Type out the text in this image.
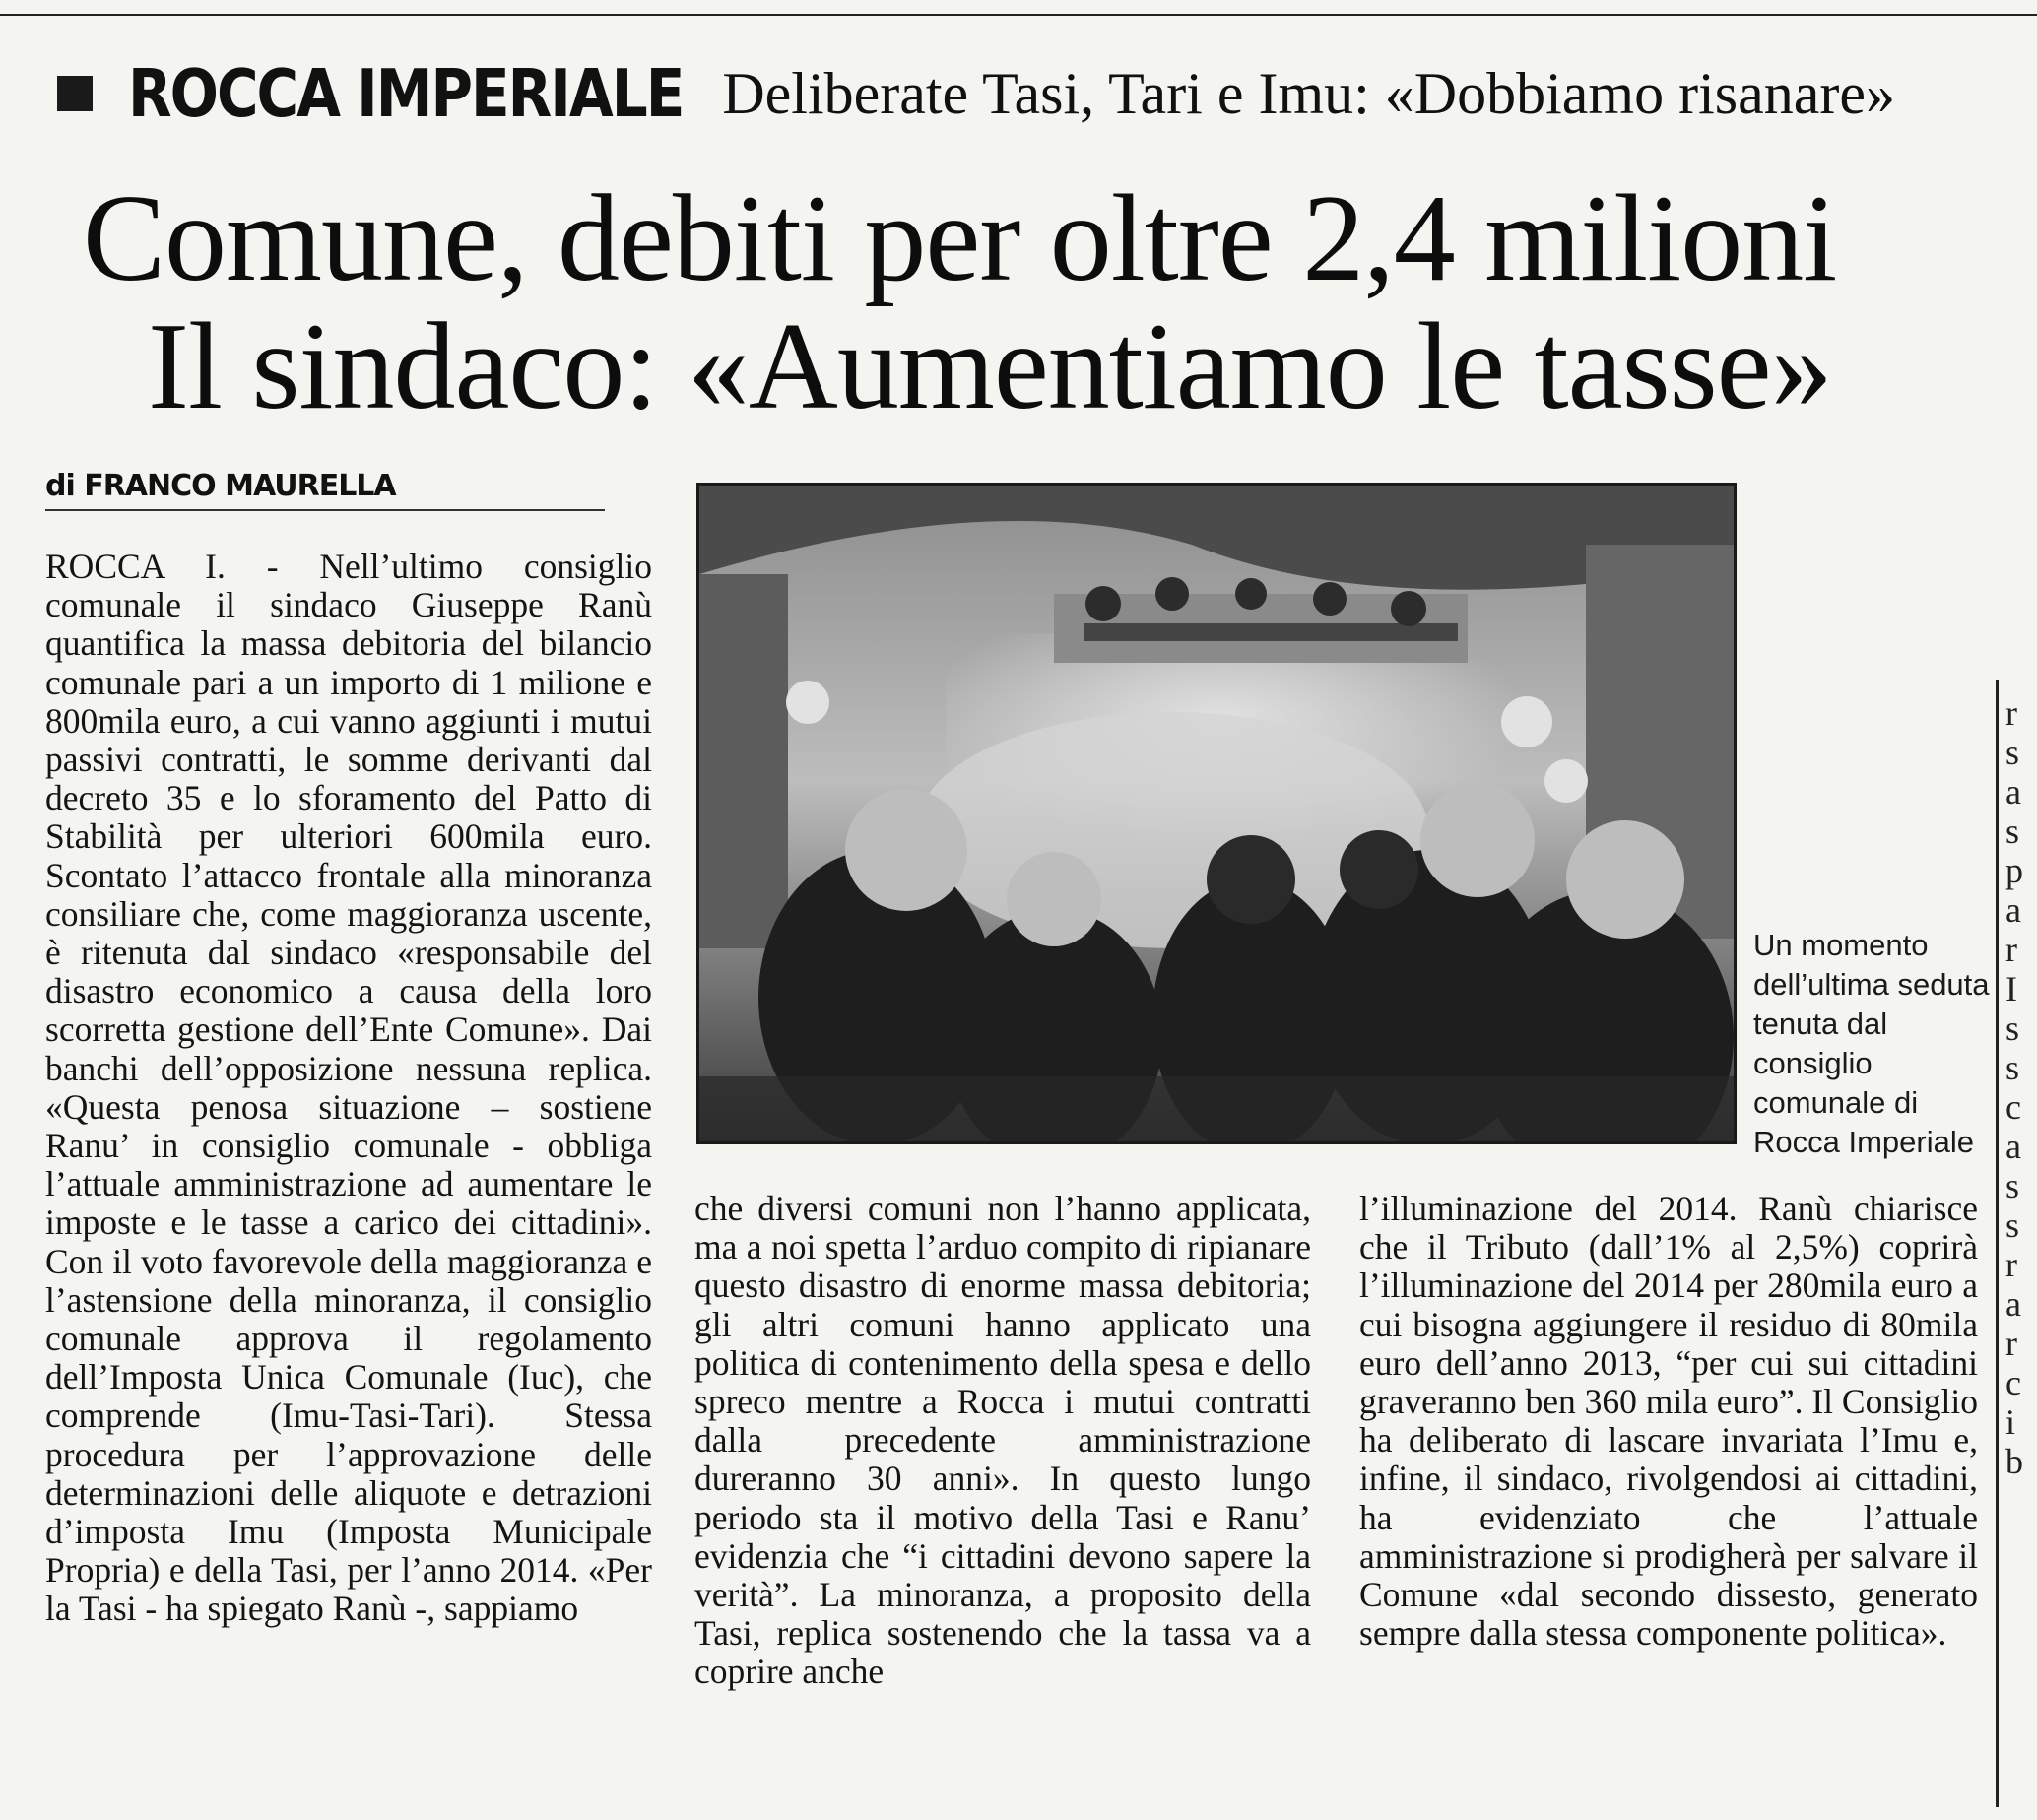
ROCCA IMPERIALE Deliberate Tasi, Tari e Imu: «Dobbiamo risanare»
Comune, debiti per oltre 2,4 milioni
Il sindaco: «Aumentiamo le tasse»
di FRANCO MAURELLA

ROCCA I. - Nell’ultimo consiglio comunale il sindaco Giuseppe Ranù quantifica la massa debitoria del bilancio comunale pari a un importo di 1 milione e 800mila euro, a cui vanno aggiunti i mutui passivi contratti, le somme derivanti dal decreto 35 e lo sforamento del Patto di Stabilità per ulteriori 600mila euro. Scontato l’attacco frontale alla minoranza consiliare che, come maggioranza uscente, è ritenuta dal sindaco «responsabile del disastro economico a causa della loro scorretta gestione dell’Ente Comune». Dai banchi dell’opposizione nessuna replica. «Questa penosa situazione – sostiene Ranu’ in consiglio comunale - obbliga l’attuale amministrazione ad aumentare le imposte e le tasse a carico dei cittadini». Con il voto favorevole della maggioranza e l’astensione della minoranza, il consiglio comunale approva il regolamento dell’Imposta Unica Comunale (Iuc), che comprende (Imu-Tasi-Tari). Stessa procedura per l’approvazione delle determinazioni delle aliquote e detrazioni d’imposta Imu (Imposta Municipale Propria) e della Tasi, per l’anno 2014. «Per la Tasi - ha spiegato Ranù -, sappiamo

Un momento dell’ultima seduta tenuta dal consiglio comunale di Rocca Imperiale

che diversi comuni non l’hanno applicata, ma a noi spetta l’arduo compito di ripianare questo disastro di enorme massa debitoria; gli altri comuni hanno applicato una politica di contenimento della spesa e dello spreco mentre a Rocca i mutui contratti dalla precedente amministrazione dureranno 30 anni». In questo lungo periodo sta il motivo della Tasi e Ranu’ evidenzia che “i cittadini devono sapere la verità”. La minoranza, a proposito della Tasi, replica sostenendo che la tassa va a coprire anche

l’illuminazione del 2014. Ranù chiarisce che il Tributo (dall’1% al 2,5%) coprirà l’illuminazione del 2014 per 280mila euro a cui bisogna aggiungere il residuo di 80mila euro dell’anno 2013, “per cui sui cittadini graveranno ben 360 mila euro”. Il Consiglio ha deliberato di lascare invariata l’Imu e, infine, il sindaco, rivolgendosi ai cittadini, ha evidenziato che l’attuale amministrazione si prodigherà per salvare il Comune «dal secondo dissesto, generato sempre dalla stessa componente politica».

r
s
a
s
p
a
r
I
s
s
c
a
s
s
r
a
r
c
i
b
